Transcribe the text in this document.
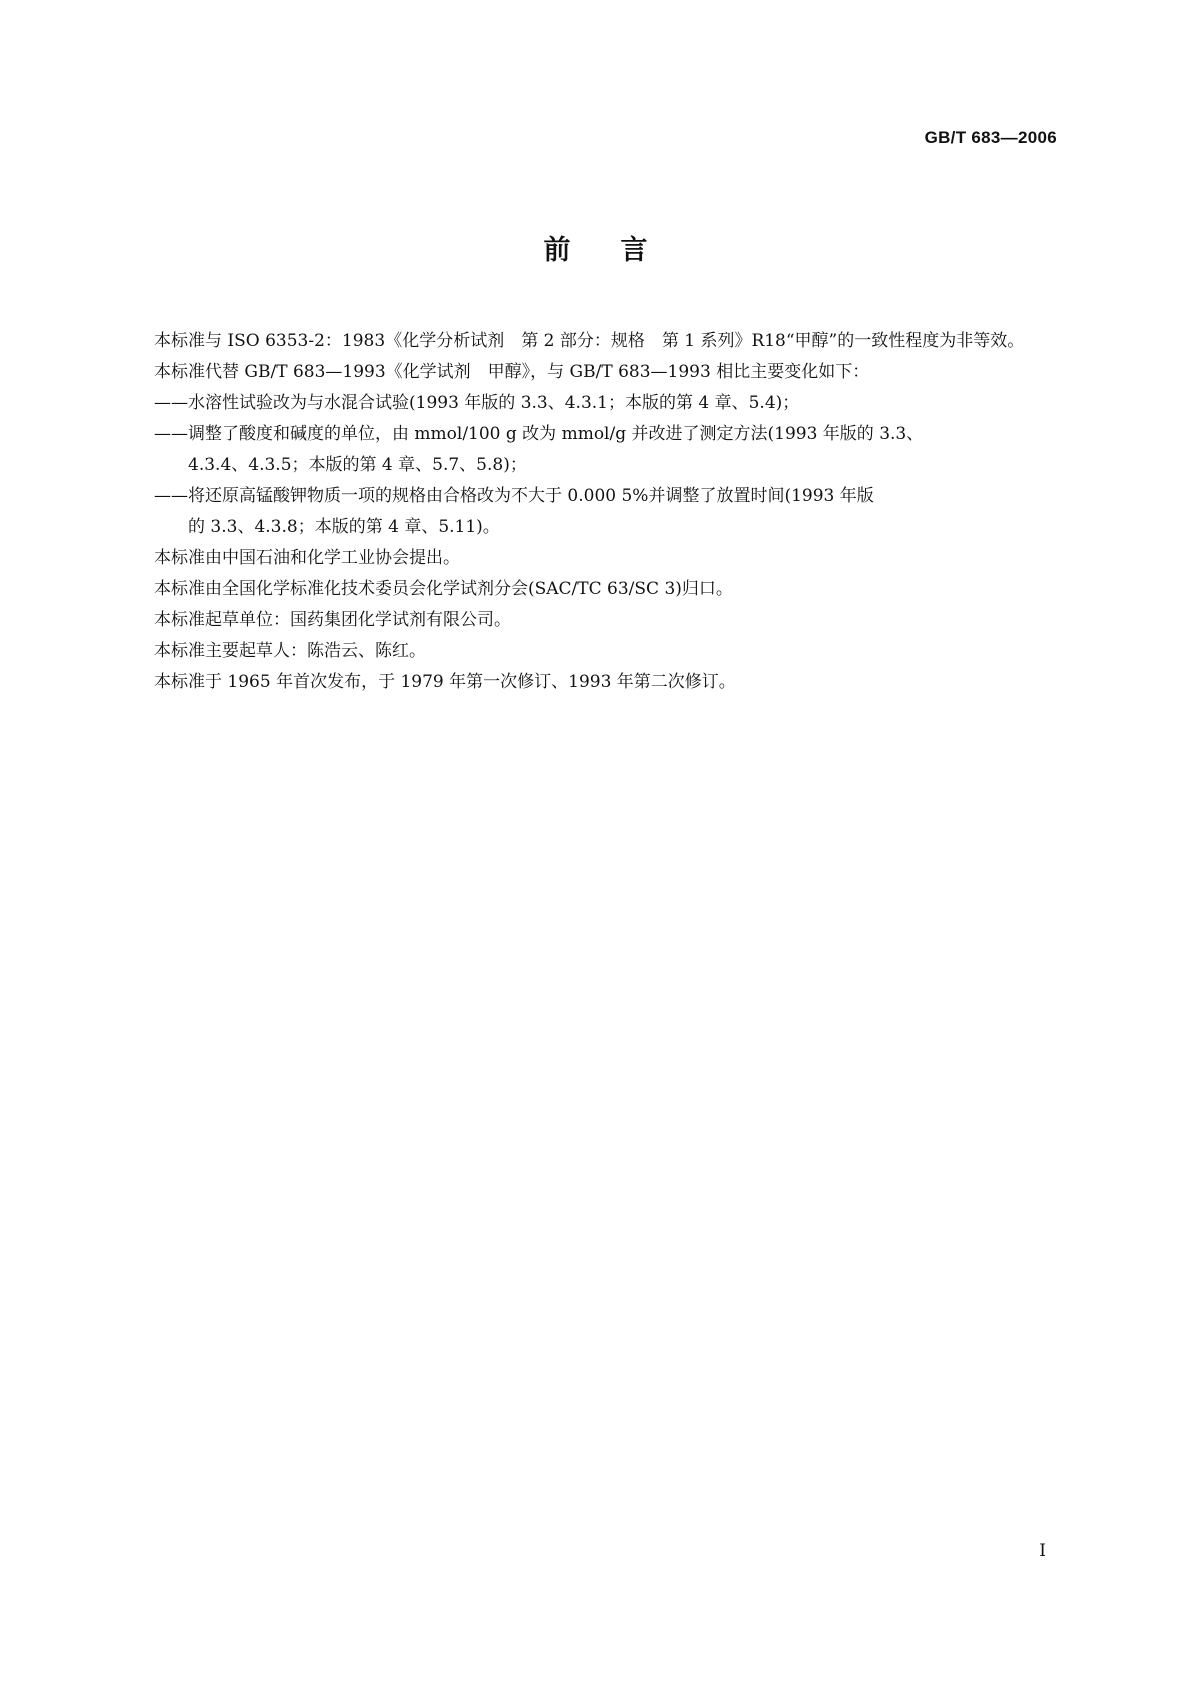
GB/T 683—2006
前言

本标准与 ISO 6353-2：1983《化学分析试剂　第 2 部分：规格　第 1 系列》R18“甲醇”的一致性程度为非等效。

本标准代替 GB/T 683—1993《化学试剂　甲醇》，与 GB/T 683—1993 相比主要变化如下：

——水溶性试验改为与水混合试验(1993 年版的 3.3、4.3.1；本版的第 4 章、5.4)；

——调整了酸度和碱度的单位，由 mmol/100 g 改为 mmol/g 并改进了测定方法(1993 年版的 3.3、
4.3.4、4.3.5；本版的第 4 章、5.7、5.8)；

——将还原高锰酸钾物质一项的规格由合格改为不大于 0.000 5%并调整了放置时间(1993 年版
的 3.3、4.3.8；本版的第 4 章、5.11)。

本标准由中国石油和化学工业协会提出。

本标准由全国化学标准化技术委员会化学试剂分会(SAC/TC 63/SC 3)归口。

本标准起草单位：国药集团化学试剂有限公司。

本标准主要起草人：陈浩云、陈红。

本标准于 1965 年首次发布，于 1979 年第一次修订、1993 年第二次修订。

I
